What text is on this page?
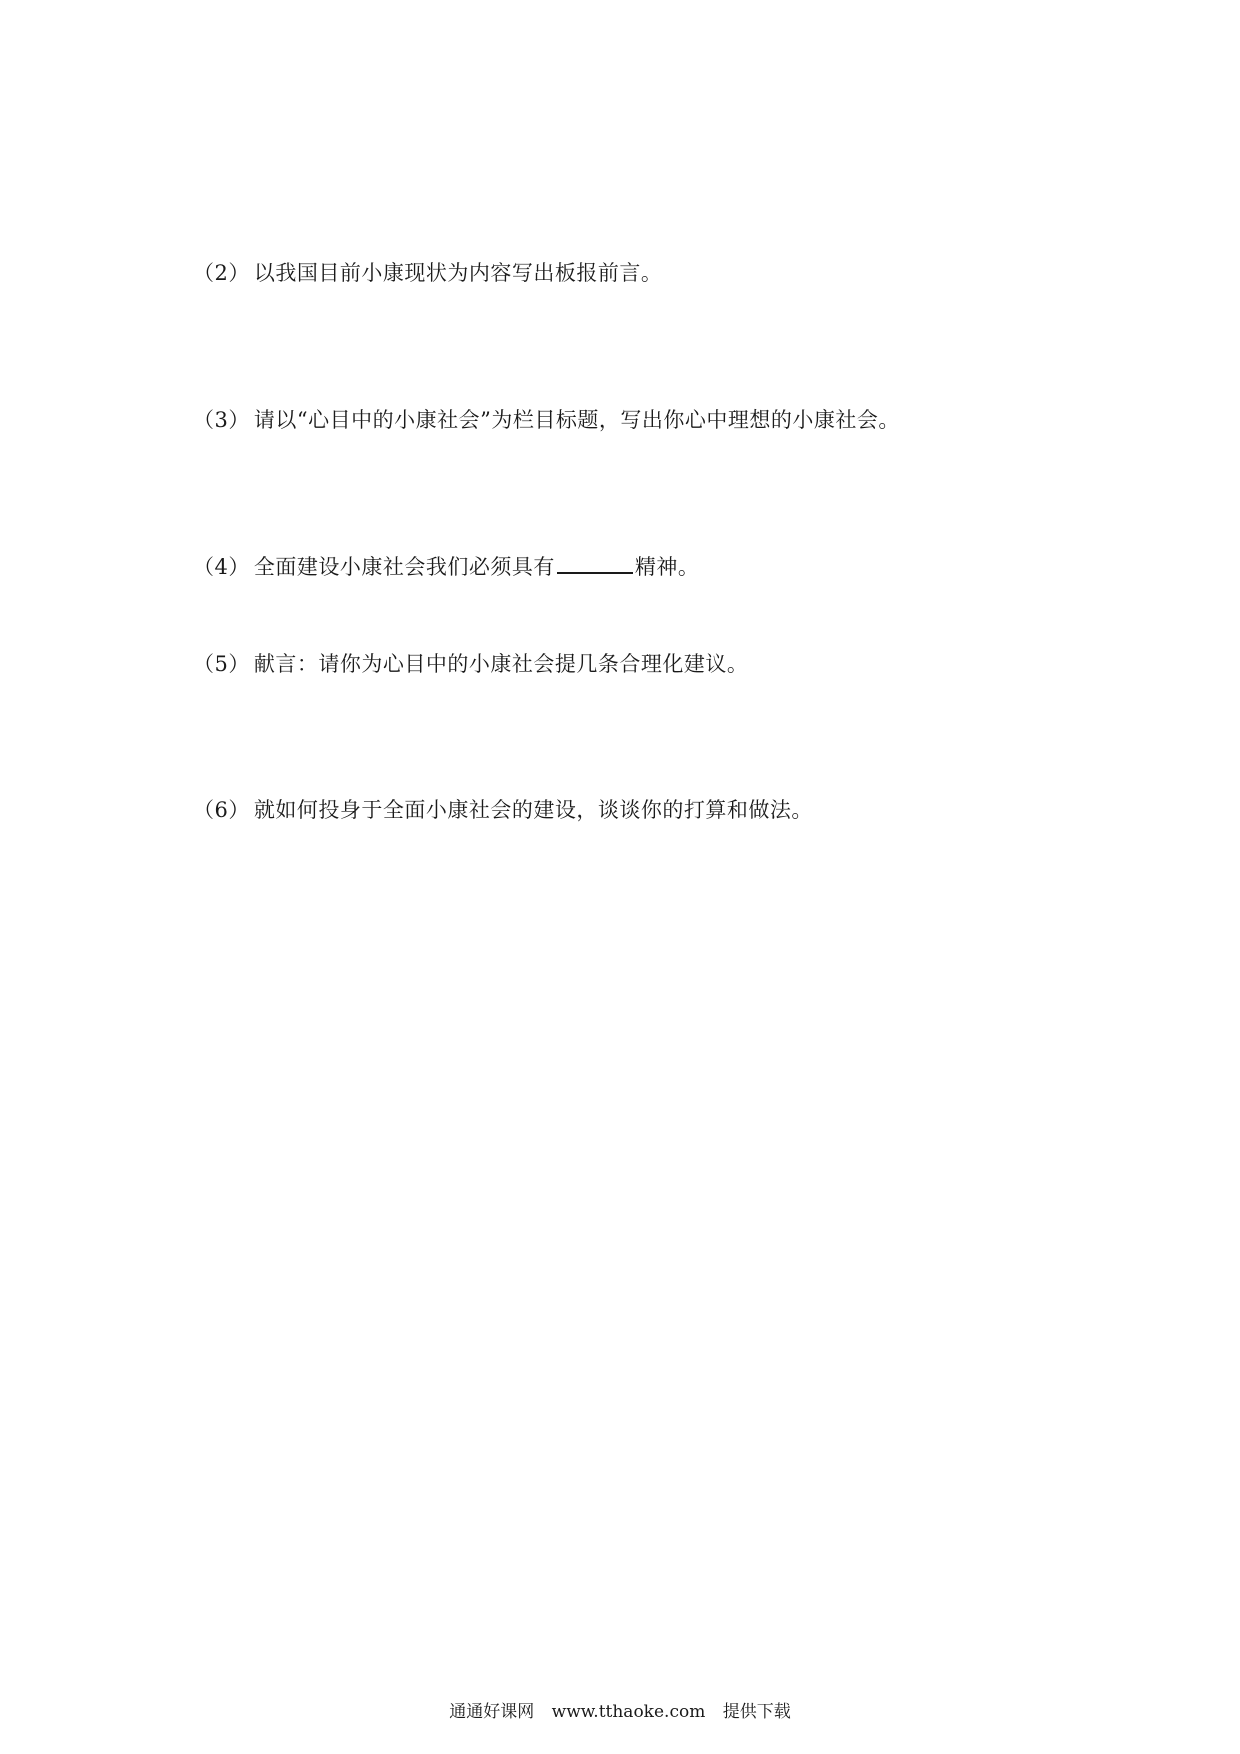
（2） 以我国目前小康现状为内容写出板报前言。
（3） 请以“心目中的小康社会”为栏目标题，写出你心中理想的小康社会。
（4） 全面建设小康社会我们必须具有	精神。
（5） 献言：请你为心目中的小康社会提几条合理化建议。
（6） 就如何投身于全面小康社会的建设，谈谈你的打算和做法。
通通好课网 www.tthaoke.com 提供下载
